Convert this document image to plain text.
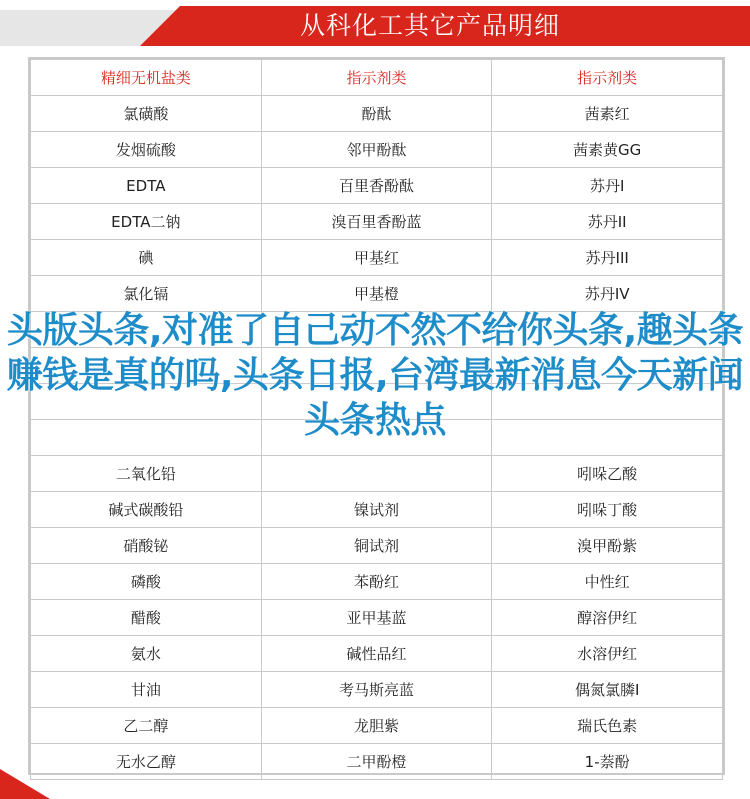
从科化工其它产品明细
精细无机盐类	指示剂类	指示剂类
氯磺酸	酚酞	茜素红
发烟硫酸	邻甲酚酞	茜素黄GG
EDTA	百里香酚酞	苏丹I
EDTA二钠	溴百里香酚蓝	苏丹II
碘	甲基红	苏丹III
氯化镉	甲基橙	苏丹IV

二氧化铅		吲哚乙酸
碱式碳酸铅	镍试剂	吲哚丁酸
硝酸铋	铜试剂	溴甲酚紫
磷酸	苯酚红	中性红
醋酸	亚甲基蓝	醇溶伊红
氨水	碱性品红	水溶伊红
甘油	考马斯亮蓝	偶氮氯膦I
乙二醇	龙胆紫	瑞氏色素
无水乙醇	二甲酚橙	1-萘酚
头版头条,对准了自己动不然不给你头条,趣头条赚钱是真的吗,头条日报,台湾最新消息今天新闻头条热点
